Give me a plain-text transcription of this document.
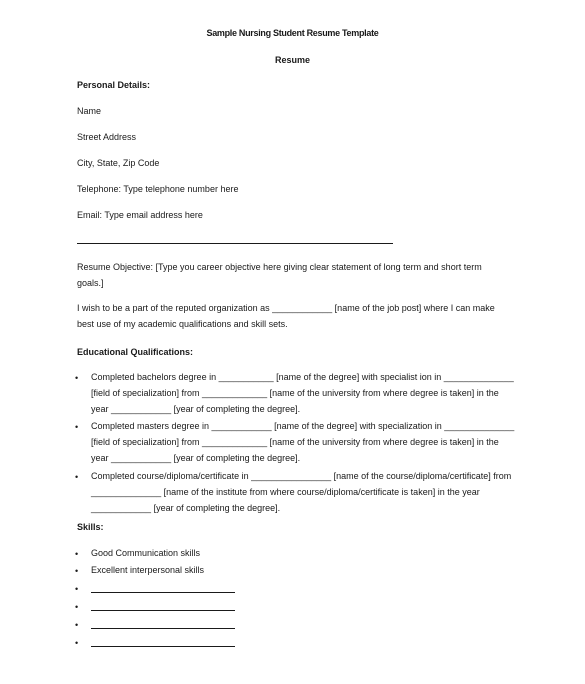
Sample Nursing Student Resume Template
Resume
Personal Details:
Name
Street Address
City, State, Zip Code
Telephone: Type telephone number here
Email: Type email address here
Resume Objective: [Type you career objective here giving clear statement of long term and short term goals.]
I wish to be a part of the reputed organization as ____________ [name of the job post] where I can make best use of my academic qualifications and skill sets.
Educational Qualifications:
• Completed bachelors degree in ___________ [name of the degree] with specialist ion in ______________ [field of specialization] from _____________ [name of the university from where degree is taken] in the year ____________ [year of completing the degree].
• Completed masters degree in ____________ [name of the degree] with specialization in ______________ [field of specialization] from _____________ [name of the university from where degree is taken] in the year ____________ [year of completing the degree].
• Completed course/diploma/certificate in ________________ [name of the course/diploma/certificate] from ______________ [name of the institute from where course/diploma/certificate is taken] in the year ____________ [year of completing the degree].
Skills:
• Good Communication skills
• Excellent interpersonal skills
•
•
•
•
